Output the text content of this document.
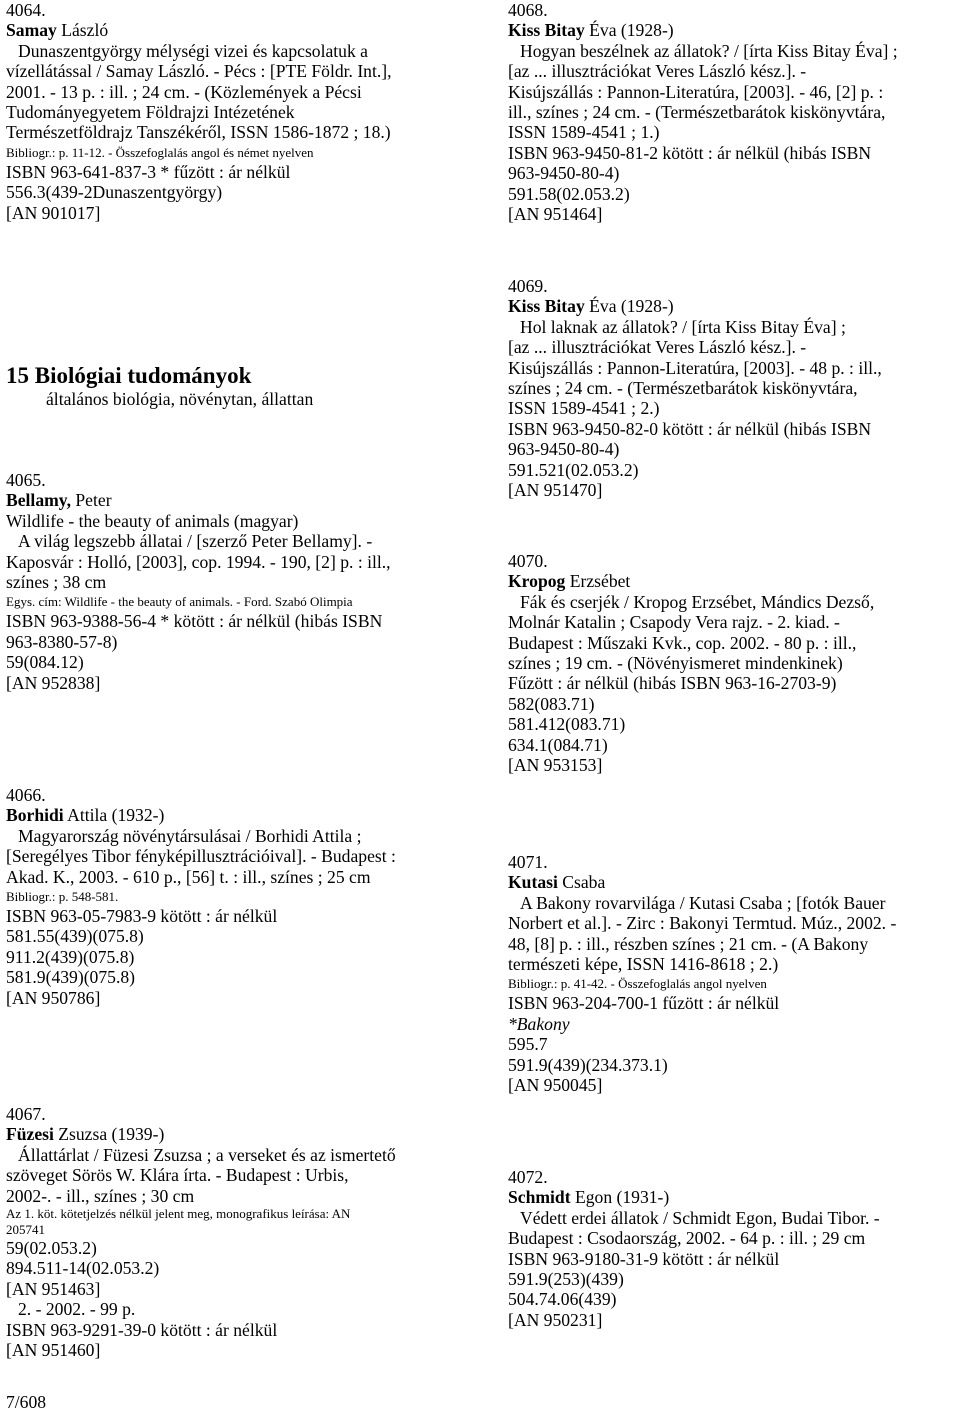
4064.
Samay László
Dunaszentgyörgy mélységi vizei és kapcsolatuk a
vízellátással / Samay László. - Pécs : [PTE Földr. Int.],
2001. - 13 p. : ill. ; 24 cm. - (Közlemények a Pécsi
Tudományegyetem Földrajzi Intézetének
Természetföldrajz Tanszékéről, ISSN 1586-1872 ; 18.)
Bibliogr.: p. 11-12. - Összefoglalás angol és német nyelven
ISBN 963-641-837-3 * fűzött : ár nélkül
556.3(439-2Dunaszentgyörgy)
[AN 901017]
15 Biológiai tudományok
általános biológia, növénytan, állattan
4065.
Bellamy, Peter
Wildlife - the beauty of animals (magyar)
A világ legszebb állatai / [szerző Peter Bellamy]. -
Kaposvár : Holló, [2003], cop. 1994. - 190, [2] p. : ill.,
színes ; 38 cm
Egys. cím: Wildlife - the beauty of animals. - Ford. Szabó Olimpia
ISBN 963-9388-56-4 * kötött : ár nélkül (hibás ISBN
963-8380-57-8)
59(084.12)
[AN 952838]
4066.
Borhidi Attila (1932-)
Magyarország növénytársulásai / Borhidi Attila ;
[Seregélyes Tibor fényképillusztrációival]. - Budapest :
Akad. K., 2003. - 610 p., [56] t. : ill., színes ; 25 cm
Bibliogr.: p. 548-581.
ISBN 963-05-7983-9 kötött : ár nélkül
581.55(439)(075.8)
911.2(439)(075.8)
581.9(439)(075.8)
[AN 950786]
4067.
Füzesi Zsuzsa (1939-)
Állattárlat / Füzesi Zsuzsa ; a verseket és az ismertető
szöveget Sörös W. Klára írta. - Budapest : Urbis,
2002-. - ill., színes ; 30 cm
Az 1. köt. kötetjelzés nélkül jelent meg, monografikus leírása: AN
205741
59(02.053.2)
894.511-14(02.053.2)
[AN 951463]
2. - 2002. - 99 p.
ISBN 963-9291-39-0 kötött : ár nélkül
[AN 951460]
4068.
Kiss Bitay Éva (1928-)
Hogyan beszélnek az állatok? / [írta Kiss Bitay Éva] ;
[az ... illusztrációkat Veres László kész.]. -
Kisújszállás : Pannon-Literatúra, [2003]. - 46, [2] p. :
ill., színes ; 24 cm. - (Természetbarátok kiskönyvtára,
ISSN 1589-4541 ; 1.)
ISBN 963-9450-81-2 kötött : ár nélkül (hibás ISBN
963-9450-80-4)
591.58(02.053.2)
[AN 951464]
4069.
Kiss Bitay Éva (1928-)
Hol laknak az állatok? / [írta Kiss Bitay Éva] ;
[az ... illusztrációkat Veres László kész.]. -
Kisújszállás : Pannon-Literatúra, [2003]. - 48 p. : ill.,
színes ; 24 cm. - (Természetbarátok kiskönyvtára,
ISSN 1589-4541 ; 2.)
ISBN 963-9450-82-0 kötött : ár nélkül (hibás ISBN
963-9450-80-4)
591.521(02.053.2)
[AN 951470]
4070.
Kropog Erzsébet
Fák és cserjék / Kropog Erzsébet, Mándics Dezső,
Molnár Katalin ; Csapody Vera rajz. - 2. kiad. -
Budapest : Műszaki Kvk., cop. 2002. - 80 p. : ill.,
színes ; 19 cm. - (Növényismeret mindenkinek)
Fűzött : ár nélkül (hibás ISBN 963-16-2703-9)
582(083.71)
581.412(083.71)
634.1(084.71)
[AN 953153]
4071.
Kutasi Csaba
A Bakony rovarvilága / Kutasi Csaba ; [fotók Bauer
Norbert et al.]. - Zirc : Bakonyi Termtud. Múz., 2002. -
48, [8] p. : ill., részben színes ; 21 cm. - (A Bakony
természeti képe, ISSN 1416-8618 ; 2.)
Bibliogr.: p. 41-42. - Összefoglalás angol nyelven
ISBN 963-204-700-1 fűzött : ár nélkül
*Bakony
595.7
591.9(439)(234.373.1)
[AN 950045]
4072.
Schmidt Egon (1931-)
Védett erdei állatok / Schmidt Egon, Budai Tibor. -
Budapest : Csodaország, 2002. - 64 p. : ill. ; 29 cm
ISBN 963-9180-31-9 kötött : ár nélkül
591.9(253)(439)
504.74.06(439)
[AN 950231]
7/608
